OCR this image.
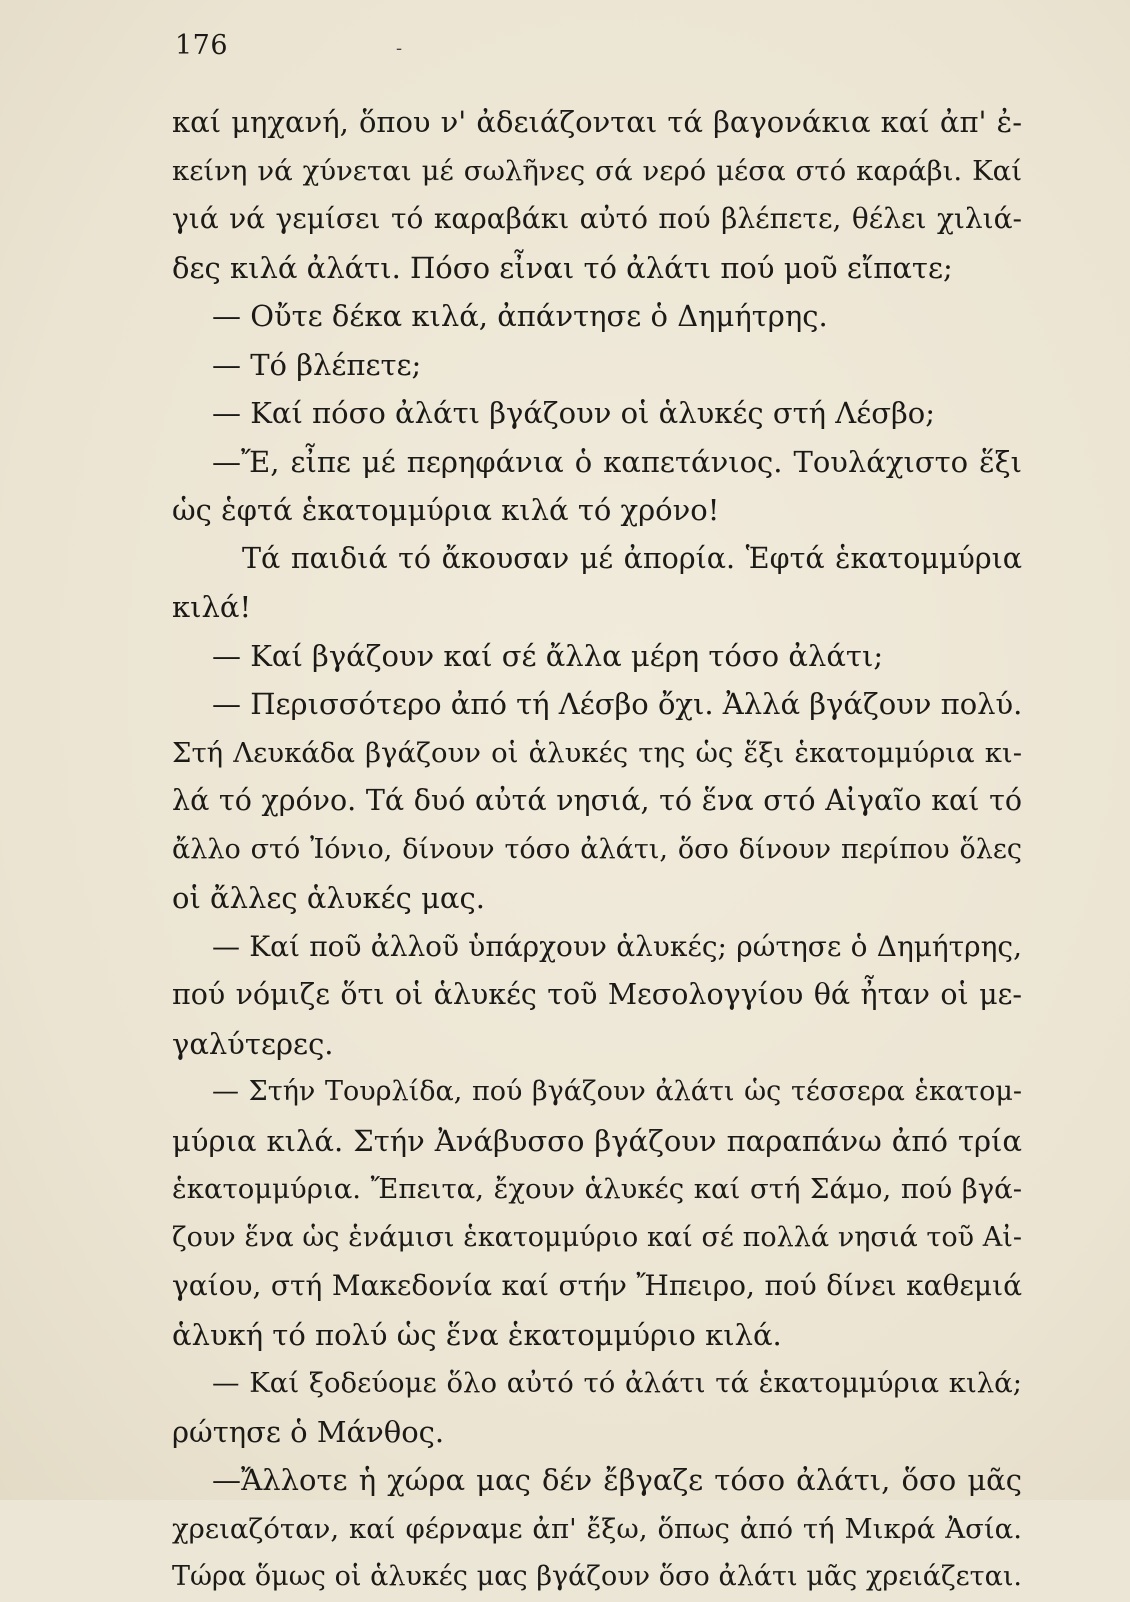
176	-
καί μηχανή, ὅπου ν' ἀδειάζονται τά βαγονάκια καί ἀπ' ἐ-
κείνη νά χύνεται μέ σωλῆνες σά νερό μέσα στό καράβι. Καί
γιά νά γεμίσει τό καραβάκι αὐτό πού βλέπετε, θέλει χιλιά-
δες κιλά ἀλάτι. Πόσο εἶναι τό ἀλάτι πού μοῦ εἴπατε;
— Οὔτε δέκα κιλά, ἀπάντησε ὁ Δημήτρης.
— Τό βλέπετε;
— Καί πόσο ἀλάτι βγάζουν οἱ ἁλυκές στή Λέσβο;
—Ἔ, εἶπε μέ περηφάνια ὁ καπετάνιος. Τουλάχιστο ἕξι
ὡς ἑφτά ἑκατομμύρια κιλά τό χρόνο!
Τά παιδιά τό ἄκουσαν μέ ἀπορία. Ἑφτά ἑκατομμύρια
κιλά!
— Καί βγάζουν καί σέ ἄλλα μέρη τόσο ἀλάτι;
— Περισσότερο ἀπό τή Λέσβο ὄχι. Ἀλλά βγάζουν πολύ.
Στή Λευκάδα βγάζουν οἱ ἁλυκές της ὡς ἕξι ἑκατομμύρια κι-
λά τό χρόνο. Τά δυό αὐτά νησιά, τό ἕνα στό Αἰγαῖο καί τό
ἄλλο στό Ἰόνιο, δίνουν τόσο ἀλάτι, ὅσο δίνουν περίπου ὅλες
οἱ ἄλλες ἁλυκές μας.
— Καί ποῦ ἀλλοῦ ὑπάρχουν ἁλυκές; ρώτησε ὁ Δημήτρης,
πού νόμιζε ὅτι οἱ ἁλυκές τοῦ Μεσολογγίου θά ἦταν οἱ με-
γαλύτερες.
— Στήν Τουρλίδα, πού βγάζουν ἀλάτι ὡς τέσσερα ἑκατομ-
μύρια κιλά. Στήν Ἀνάβυσσο βγάζουν παραπάνω ἀπό τρία
ἑκατομμύρια. Ἔπειτα, ἔχουν ἁλυκές καί στή Σάμο, πού βγά-
ζουν ἕνα ὡς ἑνάμισι ἑκατομμύριο καί σέ πολλά νησιά τοῦ Αἰ-
γαίου, στή Μακεδονία καί στήν Ἤπειρο, πού δίνει καθεμιά
ἁλυκή τό πολύ ὡς ἕνα ἑκατομμύριο κιλά.
— Καί ξοδεύομε ὅλο αὐτό τό ἀλάτι τά ἑκατομμύρια κιλά;
ρώτησε ὁ Μάνθος.
—Ἄλλοτε ἡ χώρα μας δέν ἔβγαζε τόσο ἀλάτι, ὅσο μᾶς
χρειαζόταν, καί φέρναμε ἀπ' ἔξω, ὅπως ἀπό τή Μικρά Ἀσία.
Τώρα ὅμως οἱ ἁλυκές μας βγάζουν ὅσο ἀλάτι μᾶς χρειάζεται.
